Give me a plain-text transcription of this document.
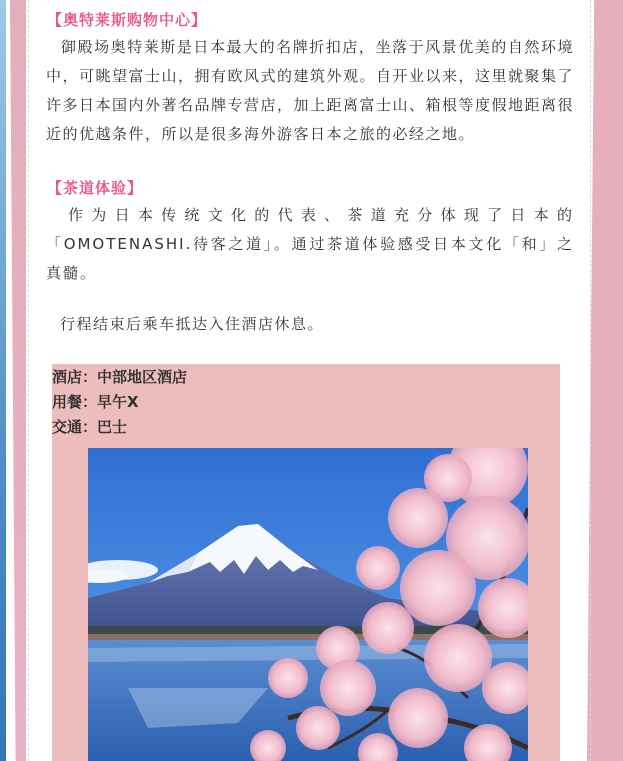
【奥特莱斯购物中心】

御殿场奥特莱斯是日本最大的名牌折扣店，坐落于风景优美的自然环境中，可眺望富士山，拥有欧风式的建筑外观。自开业以来，这里就聚集了许多日本国内外著名品牌专营店，加上距离富士山、箱根等度假地距离很近的优越条件，所以是很多海外游客日本之旅的必经之地。

【茶道体验】

作为日本传统文化的代表、茶道充分体现了日本的「OMOTENASHI.待客之道」。通过茶道体验感受日本文化「和」之真髓。

行程结束后乘车抵达入住酒店休息。

酒店：中部地区酒店
用餐：早午X
交通：巴士
